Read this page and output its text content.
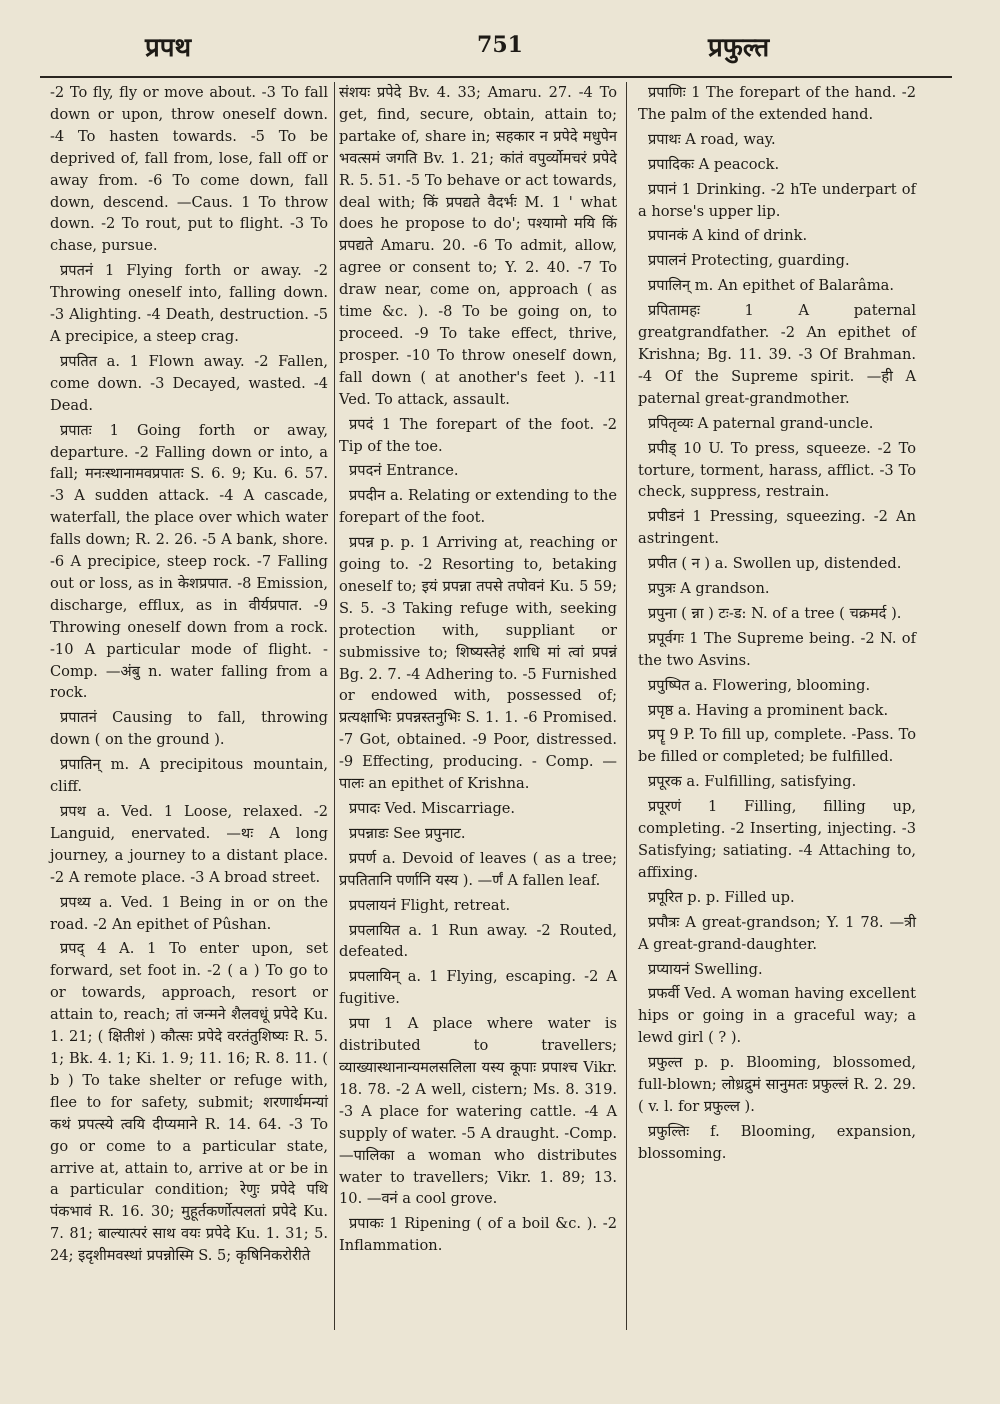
प्रपथ	751	प्रफुल्त

-2 To fly, fly or move about. -3 To fall down or upon, throw oneself down. -4 To hasten towards. -5 To be deprived of, fall from, lose, fall off or away from. -6 To come down, fall down, descend. —Caus. 1 To throw down. -2 To rout, put to flight. -3 To chase, pursue.

प्रपतनं 1 Flying forth or away. -2 Throwing oneself into, falling down. -3 Alighting. -4 Death, destruction. -5 A precipice, a steep crag.

प्रपतित a. 1 Flown away. -2 Fallen, come down. -3 Decayed, wasted. -4 Dead.

प्रपातः 1 Going forth or away, departure. -2 Falling down or into, a fall; मनःस्थानामवप्रपातः S. 6. 9; Ku. 6. 57. -3 A sudden attack. -4 A cascade, waterfall, the place over which water falls down; R. 2. 26. -5 A bank, shore. -6 A precipice, steep rock. -7 Falling out or loss, as in केशप्रपात. -8 Emission, discharge, efflux, as in वीर्यप्रपात. -9 Throwing oneself down from a rock. -10 A particular mode of flight. -Comp. —अंबु n. water falling from a rock.

प्रपातनं Causing to fall, throwing down ( on the ground ).

प्रपातिन् m. A precipitous mountain, cliff.

प्रपथ a. Ved. 1 Loose, relaxed. -2 Languid, enervated. —थः A long journey, a journey to a distant place. -2 A remote place. -3 A broad street.

प्रपथ्य a. Ved. 1 Being in or on the road. -2 An epithet of Pûshan.

प्रपद् 4 A. 1 To enter upon, set forward, set foot in. -2 ( a ) To go to or towards, approach, resort or attain to, reach; तां जन्मने शैलवधूं प्रपेदे Ku. 1. 21; ( क्षितीशं ) कौत्सः प्रपेदे वरतंतुशिष्यः R. 5. 1; Bk. 4. 1; Ki. 1. 9; 11. 16; R. 8. 11. ( b ) To take shelter or refuge with, flee to for safety, submit; शरणार्थमन्यां कथं प्रपत्स्ये त्वयि दीप्यमाने R. 14. 64. -3 To go or come to a particular state, arrive at, attain to, arrive at or be in a particular condition; रेणुः प्रपेदे पथि पंकभावं R. 16. 30; मुहूर्तकर्णोत्पलतां प्रपेदे Ku. 7. 81; बाल्यात्परं साथ वयः प्रपेदे Ku. 1. 31; 5. 24; इदृशीमवस्थां प्रपन्नोस्मि S. 5; कृषिनिकरोरीते

संशयः प्रपेदे Bv. 4. 33; Amaru. 27. -4 To get, find, secure, obtain, attain to; partake of, share in; सहकार न प्रपेदे मधुपेन भवत्समं जगति Bv. 1. 21; कांतं वपुर्व्योमचरं प्रपेदे R. 5. 51. -5 To behave or act towards, deal with; किं प्रपद्यते वैदर्भः M. 1 ' what does he propose to do'; पश्यामो मयि किं प्रपद्यते Amaru. 20. -6 To admit, allow, agree or consent to; Y. 2. 40. -7 To draw near, come on, approach ( as time &c. ). -8 To be going on, to proceed. -9 To take effect, thrive, prosper. -10 To throw oneself down, fall down ( at another's feet ). -11 Ved. To attack, assault.

प्रपदं 1 The forepart of the foot. -2 Tip of the toe.

प्रपदनं Entrance.

प्रपदीन a. Relating or extending to the forepart of the foot.

प्रपन्न p. p. 1 Arriving at, reaching or going to. -2 Resorting to, betaking oneself to; इयं प्रपन्ना तपसे तपोवनं Ku. 5 59; S. 5. -3 Taking refuge with, seeking protection with, suppliant or submissive to; शिष्यस्तेहं शाधि मां त्वां प्रपन्नं Bg. 2. 7. -4 Adhering to. -5 Furnished or endowed with, possessed of; प्रत्यक्षाभिः प्रपन्नस्तनुभिः S. 1. 1. -6 Promised. -7 Got, obtained. -9 Poor, distressed. -9 Effecting, producing. - Comp. —पालः an epithet of Krishna.

प्रपादः Ved. Miscarriage.

प्रपन्नाडः See प्रपुनाट.

प्रपर्ण a. Devoid of leaves ( as a tree; प्रपतितानि पर्णानि यस्य ). —र्णं A fallen leaf.

प्रपलायनं Flight, retreat.

प्रपलायित a. 1 Run away. -2 Routed, defeated.

प्रपलायिन् a. 1 Flying, escaping. -2 A fugitive.

प्रपा 1 A place where water is distributed to travellers; व्याख्यास्थानान्यमलसलिला यस्य कूपाः प्रपाश्च Vikr. 18. 78. -2 A well, cistern; Ms. 8. 319. -3 A place for watering cattle. -4 A supply of water. -5 A draught. -Comp. —पालिका a woman who distributes water to travellers; Vikr. 1. 89; 13. 10. —वनं a cool grove.

प्रपाकः 1 Ripening ( of a boil &c. ). -2 Inflammation.

प्रपाणिः 1 The forepart of the hand. -2 The palm of the extended hand.

प्रपाथः A road, way.

प्रपादिकः A peacock.

प्रपानं 1 Drinking. -2 hTe underpart of a horse's upper lip.

प्रपानकं A kind of drink.

प्रपालनं Protecting, guarding.

प्रपालिन् m. An epithet of Balarâma.

प्रपितामहः 1 A paternal greatgrandfather. -2 An epithet of Krishna; Bg. 11. 39. -3 Of Brahman. -4 Of the Supreme spirit. —ही A paternal great-grandmother.

प्रपितृव्यः A paternal grand-uncle.

प्रपीड् 10 U. To press, squeeze. -2 To torture, torment, harass, afflict. -3 To check, suppress, restrain.

प्रपीडनं 1 Pressing, squeezing. -2 An astringent.

प्रपीत ( न ) a. Swollen up, distended.

प्रपुत्रः A grandson.

प्रपुना ( न्ना ) टः-ड: N. of a tree ( चक्रमर्द ).

प्रपूर्वगः 1 The Supreme being. -2 N. of the two Asvins.

प्रपुष्पित a. Flowering, blooming.

प्रपृष्ठ a. Having a prominent back.

प्रपॄ 9 P. To fill up, complete. -Pass. To be filled or completed; be fulfilled.

प्रपूरक a. Fulfilling, satisfying.

प्रपूरणं 1 Filling, filling up, completing. -2 Inserting, injecting. -3 Satisfying; satiating. -4 Attaching to, affixing.

प्रपूरित p. p. Filled up.

प्रपौत्रः A great-grandson; Y. 1 78. —त्री A great-grand-daughter.

प्रप्यायनं Swelling.

प्रफर्वी Ved. A woman having excellent hips or going in a graceful way; a lewd girl ( ? ).

प्रफुल्त p. p. Blooming, blossomed, full-blown; लोध्रद्रुमं सानुमतः प्रफुल्लं R. 2. 29. ( v. l. for प्रफुल्ल ).

प्रफुल्तिः f. Blooming, expansion, blossoming.
